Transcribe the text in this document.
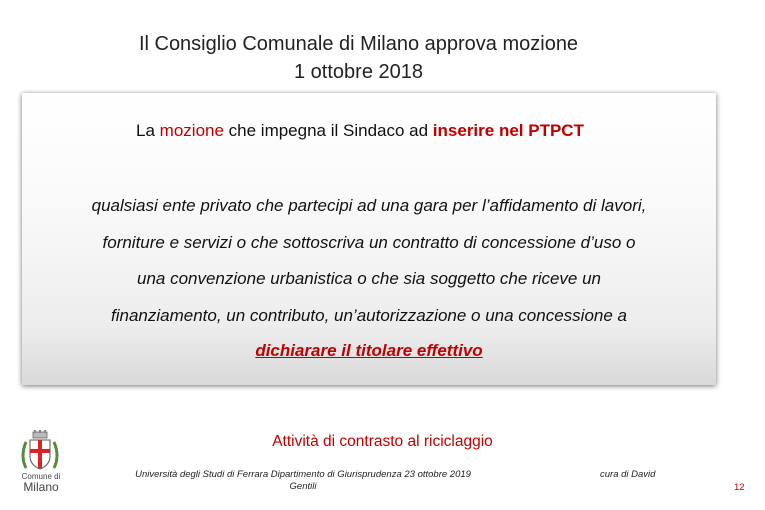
Il Consiglio Comunale di Milano approva mozione
1 ottobre 2018
La mozione che impegna il Sindaco ad inserire nel PTPCT
qualsiasi ente privato che partecipi ad una gara per l’affidamento di lavori,
forniture e servizi o che sottoscriva un contratto di concessione d’uso o
una convenzione urbanistica o che sia soggetto che riceve un
finanziamento, un contributo, un’autorizzazione o una concessione a
dichiarare il titolare effettivo
Comune di
Milano
Attività di contrasto al riciclaggio
Università degli Studi di Ferrara Dipartimento di Giurisprudenza 23 ottobre 2019
Gentili
cura di David
12
